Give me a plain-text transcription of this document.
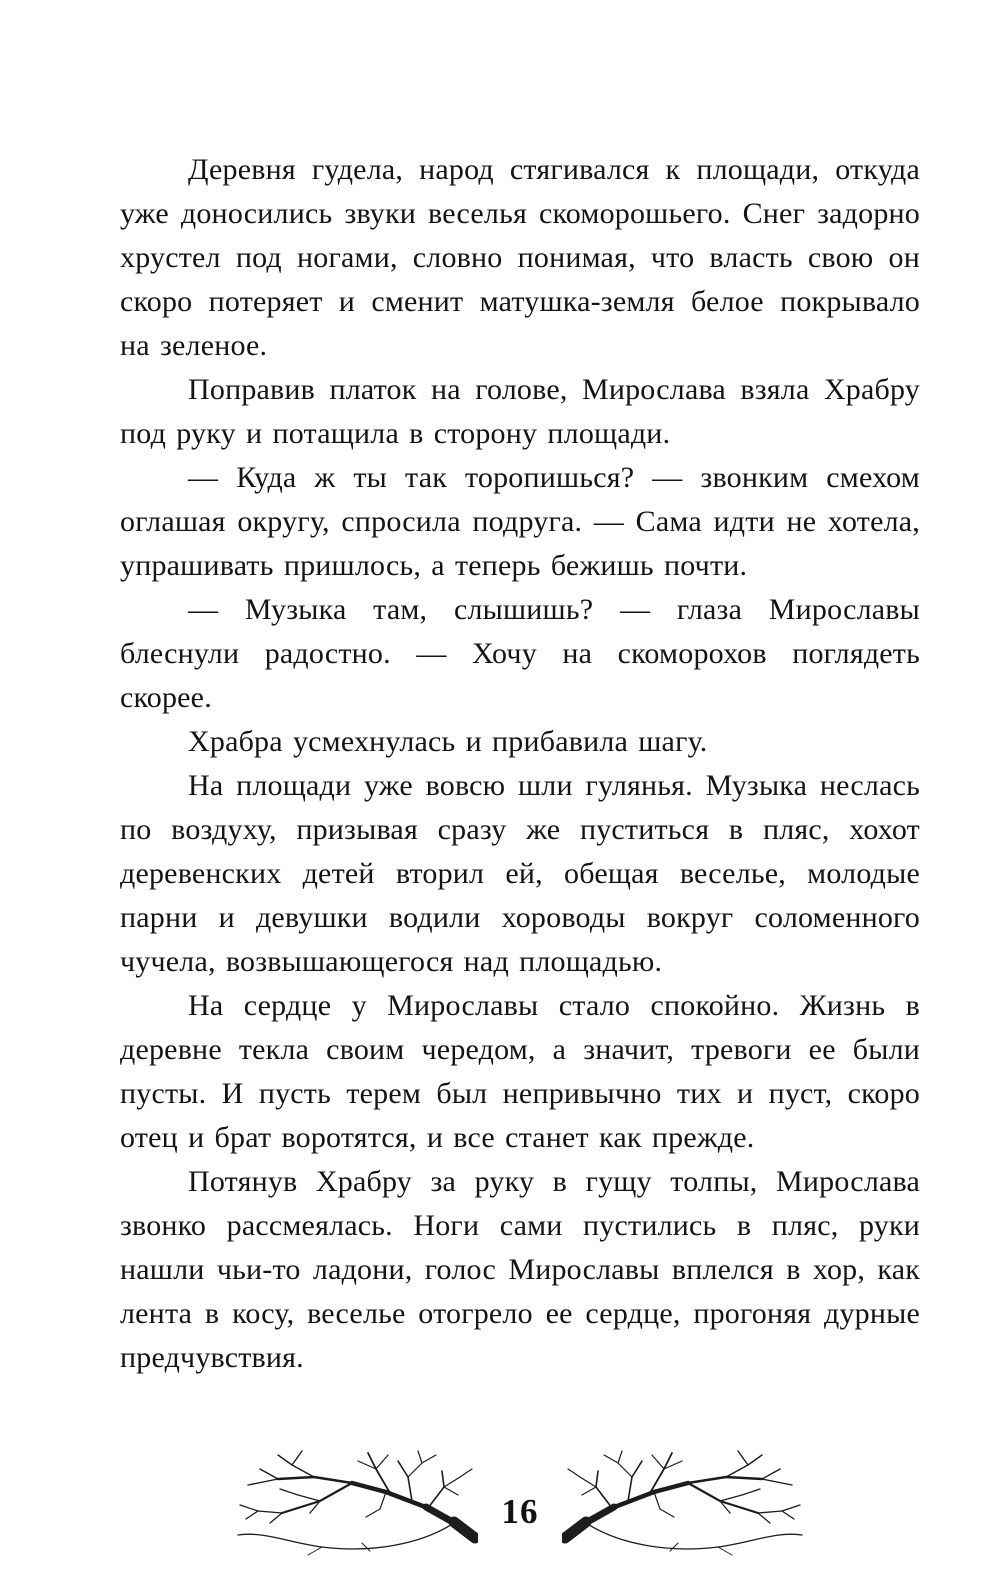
Деревня гудела, народ стягивался к площади, откуда уже доносились звуки веселья скоморошьего. Снег задорно хрустел под ногами, словно понимая, что власть свою он скоро потеряет и сменит матушка-земля белое покрывало на зеленое.

Поправив платок на голове, Мирослава взяла Храбру под руку и потащила в сторону площади.

— Куда ж ты так торопишься? — звонким смехом оглашая округу, спросила подруга. — Сама идти не хотела, упрашивать пришлось, а теперь бежишь почти.

— Музыка там, слышишь? — глаза Мирославы блеснули радостно. — Хочу на скоморохов поглядеть скорее.

Храбра усмехнулась и прибавила шагу.

На площади уже вовсю шли гулянья. Музыка неслась по воздуху, призывая сразу же пуститься в пляс, хохот деревенских детей вторил ей, обещая веселье, молодые парни и девушки водили хороводы вокруг соломенного чучела, возвышающегося над площадью.

На сердце у Мирославы стало спокойно. Жизнь в деревне текла своим чередом, а значит, тревоги ее были пусты. И пусть терем был непривычно тих и пуст, скоро отец и брат воротятся, и все станет как прежде.

Потянув Храбру за руку в гущу толпы, Мирослава звонко рассмеялась. Ноги сами пустились в пляс, руки нашли чьи-то ладони, голос Мирославы вплелся в хор, как лента в косу, веселье отогрело ее сердце, прогоняя дурные предчувствия.

16
